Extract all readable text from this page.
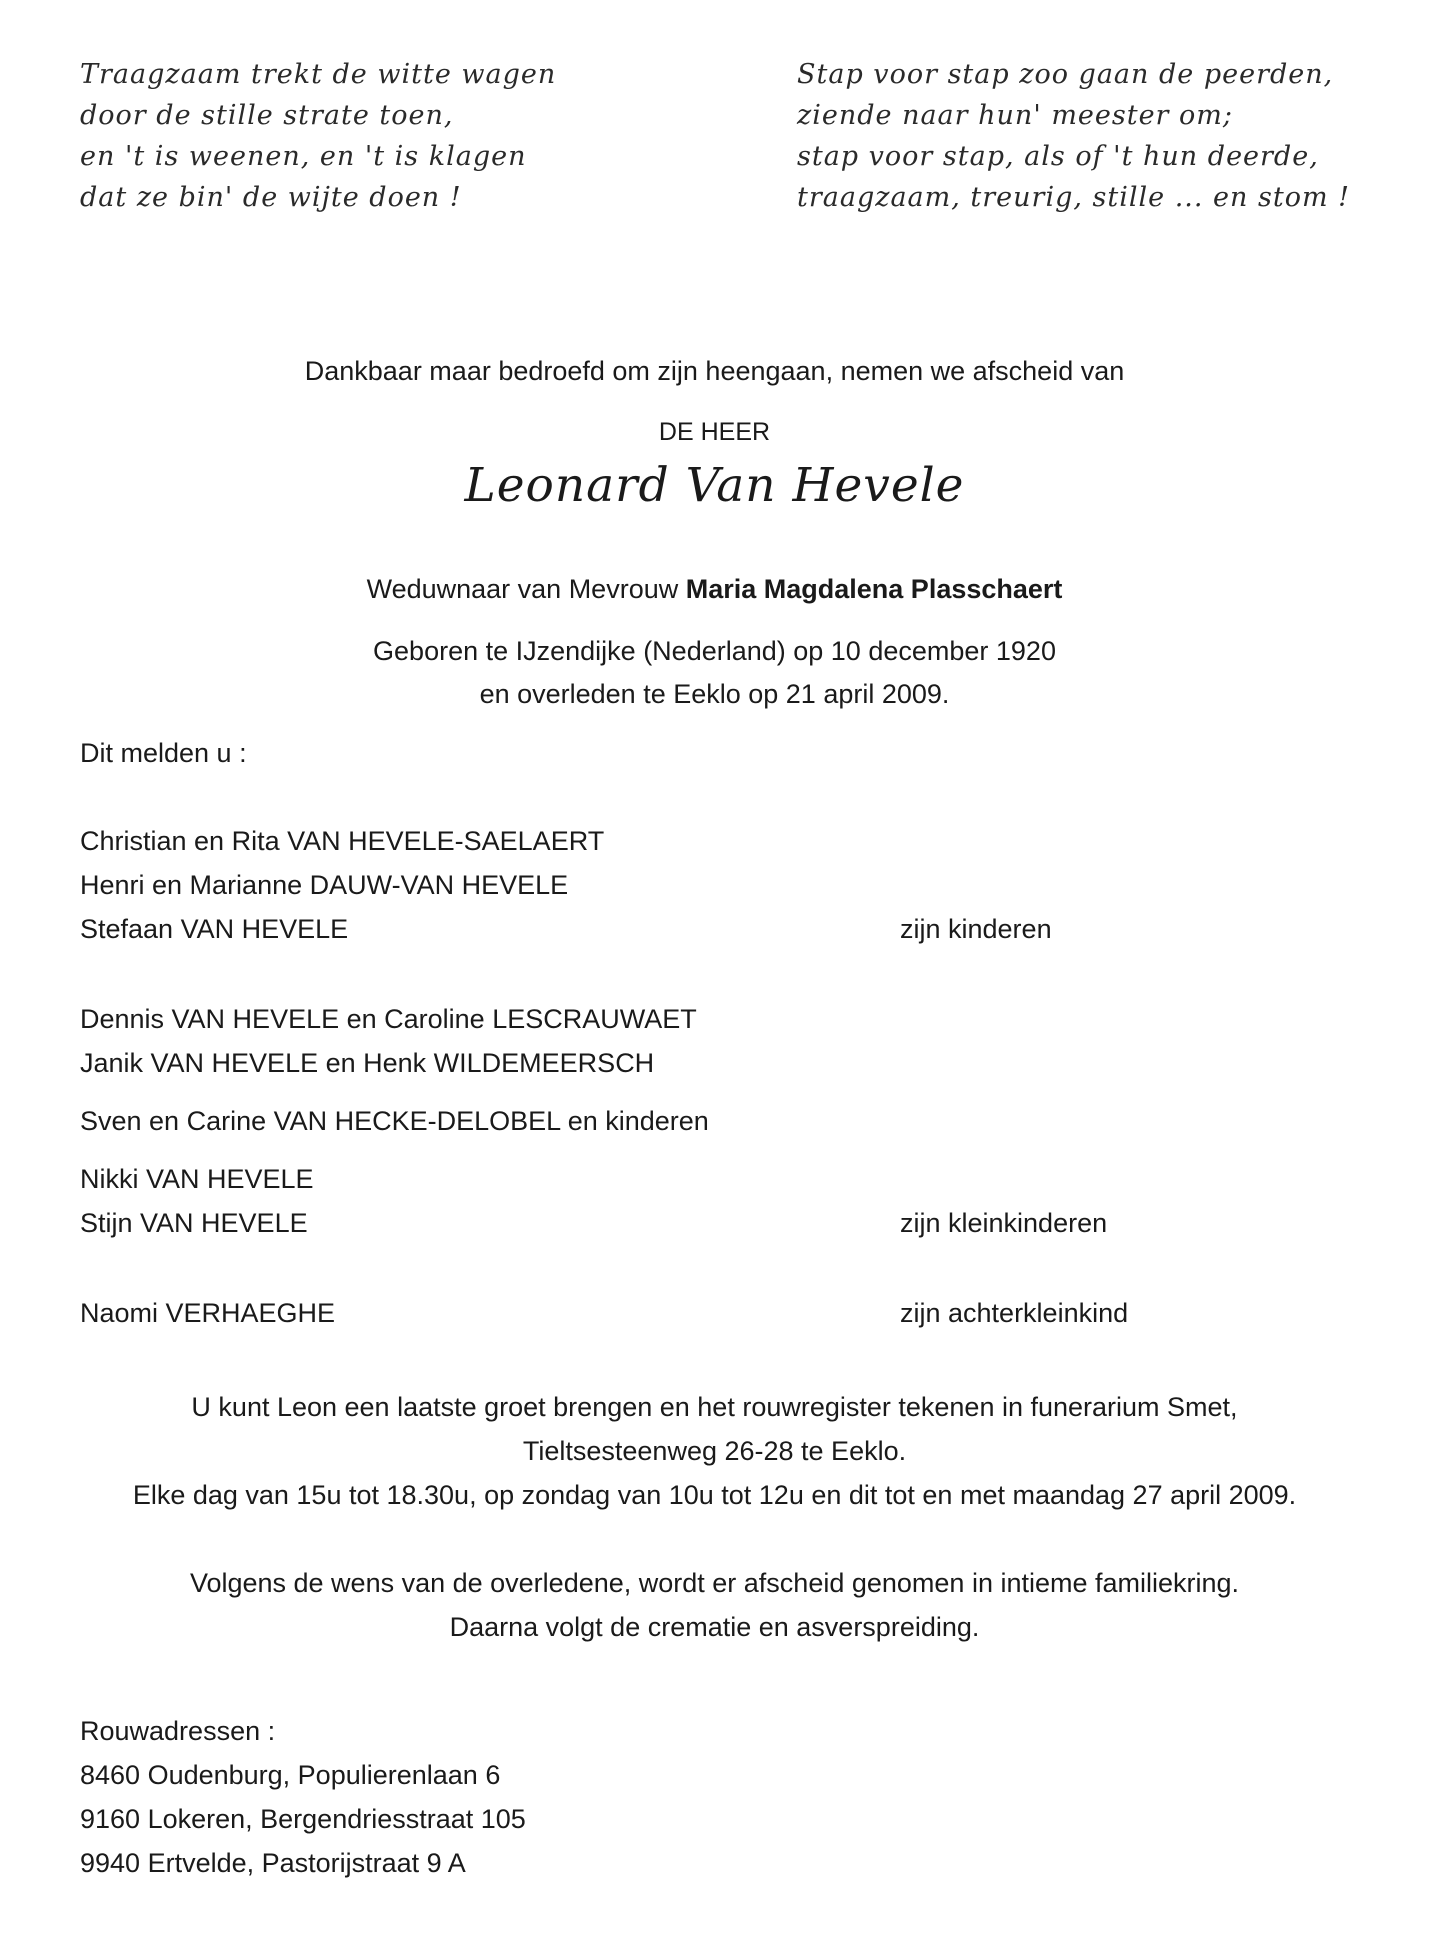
Traagzaam trekt de witte wagen
door de stille strate toen,
en 't is weenen, en 't is klagen
dat ze bin' de wijte doen !
Stap voor stap zoo gaan de peerden,
ziende naar hun' meester om;
stap voor stap, als of 't hun deerde,
traagzaam, treurig, stille ... en stom !
Dankbaar maar bedroefd om zijn heengaan, nemen we afscheid van
DE HEER
Leonard Van Hevele
Weduwnaar van Mevrouw Maria Magdalena Plasschaert
Geboren te IJzendijke (Nederland) op 10 december 1920
en overleden te Eeklo op 21 april 2009.
Dit melden u :
Christian en Rita VAN HEVELE-SAELAERT
Henri en Marianne DAUW-VAN HEVELE
Stefaan VAN HEVELE	zijn kinderen
Dennis VAN HEVELE en Caroline LESCRAUWAET
Janik VAN HEVELE en Henk WILDEMEERSCH
Sven en Carine VAN HECKE-DELOBEL en kinderen
Nikki VAN HEVELE
Stijn VAN HEVELE	zijn kleinkinderen
Naomi VERHAEGHE	zijn achterkleinkind
U kunt Leon een laatste groet brengen en het rouwregister tekenen in funerarium Smet,
Tieltsesteenweg 26-28 te Eeklo.
Elke dag van 15u tot 18.30u, op zondag van 10u tot 12u en dit tot en met maandag 27 april 2009.
Volgens de wens van de overledene, wordt er afscheid genomen in intieme familiekring.
Daarna volgt de crematie en asverspreiding.
Rouwadressen :
8460 Oudenburg, Populierenlaan 6
9160 Lokeren, Bergendriesstraat 105
9940 Ertvelde, Pastorijstraat 9 A
